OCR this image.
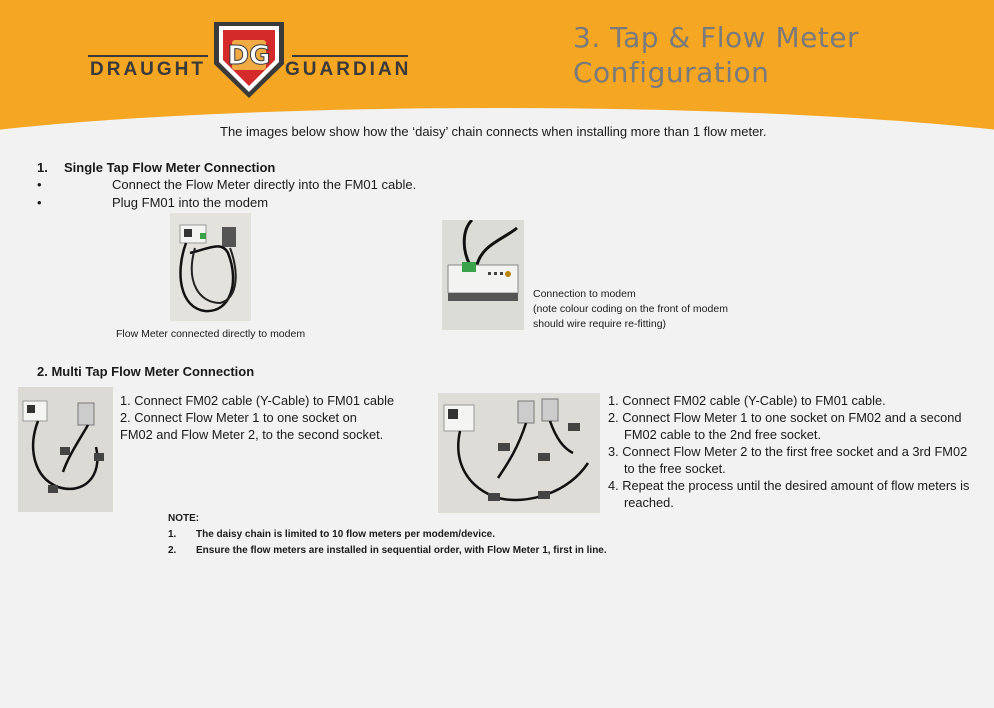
DRAUGHT DG GUARDIAN
3. Tap & Flow Meter
Configuration
The images below show how the ‘daisy’ chain connects when installing more than 1 flow meter.
1. Single Tap Flow Meter Connection
•	Connect the Flow Meter directly into the FM01 cable.
•	Plug FM01 into the modem
Flow Meter connected directly to modem
Connection to modem
(note colour coding on the front of modem
should wire require re-fitting)
2. Multi Tap Flow Meter Connection
1. Connect FM02 cable (Y-Cable) to FM01 cable
2. Connect Flow Meter 1 to one socket on
FM02 and Flow Meter 2, to the second socket.
1. Connect FM02 cable (Y-Cable) to FM01 cable.
2. Connect Flow Meter 1 to one socket on FM02 and a second
FM02 cable to the 2nd free socket.
3. Connect Flow Meter 2 to the first free socket and a 3rd FM02
to the free socket.
4. Repeat the process until the desired amount of flow meters is
reached.
NOTE:
1. The daisy chain is limited to 10 flow meters per modem/device.
2. Ensure the flow meters are installed in sequential order, with Flow Meter 1, first in line.
